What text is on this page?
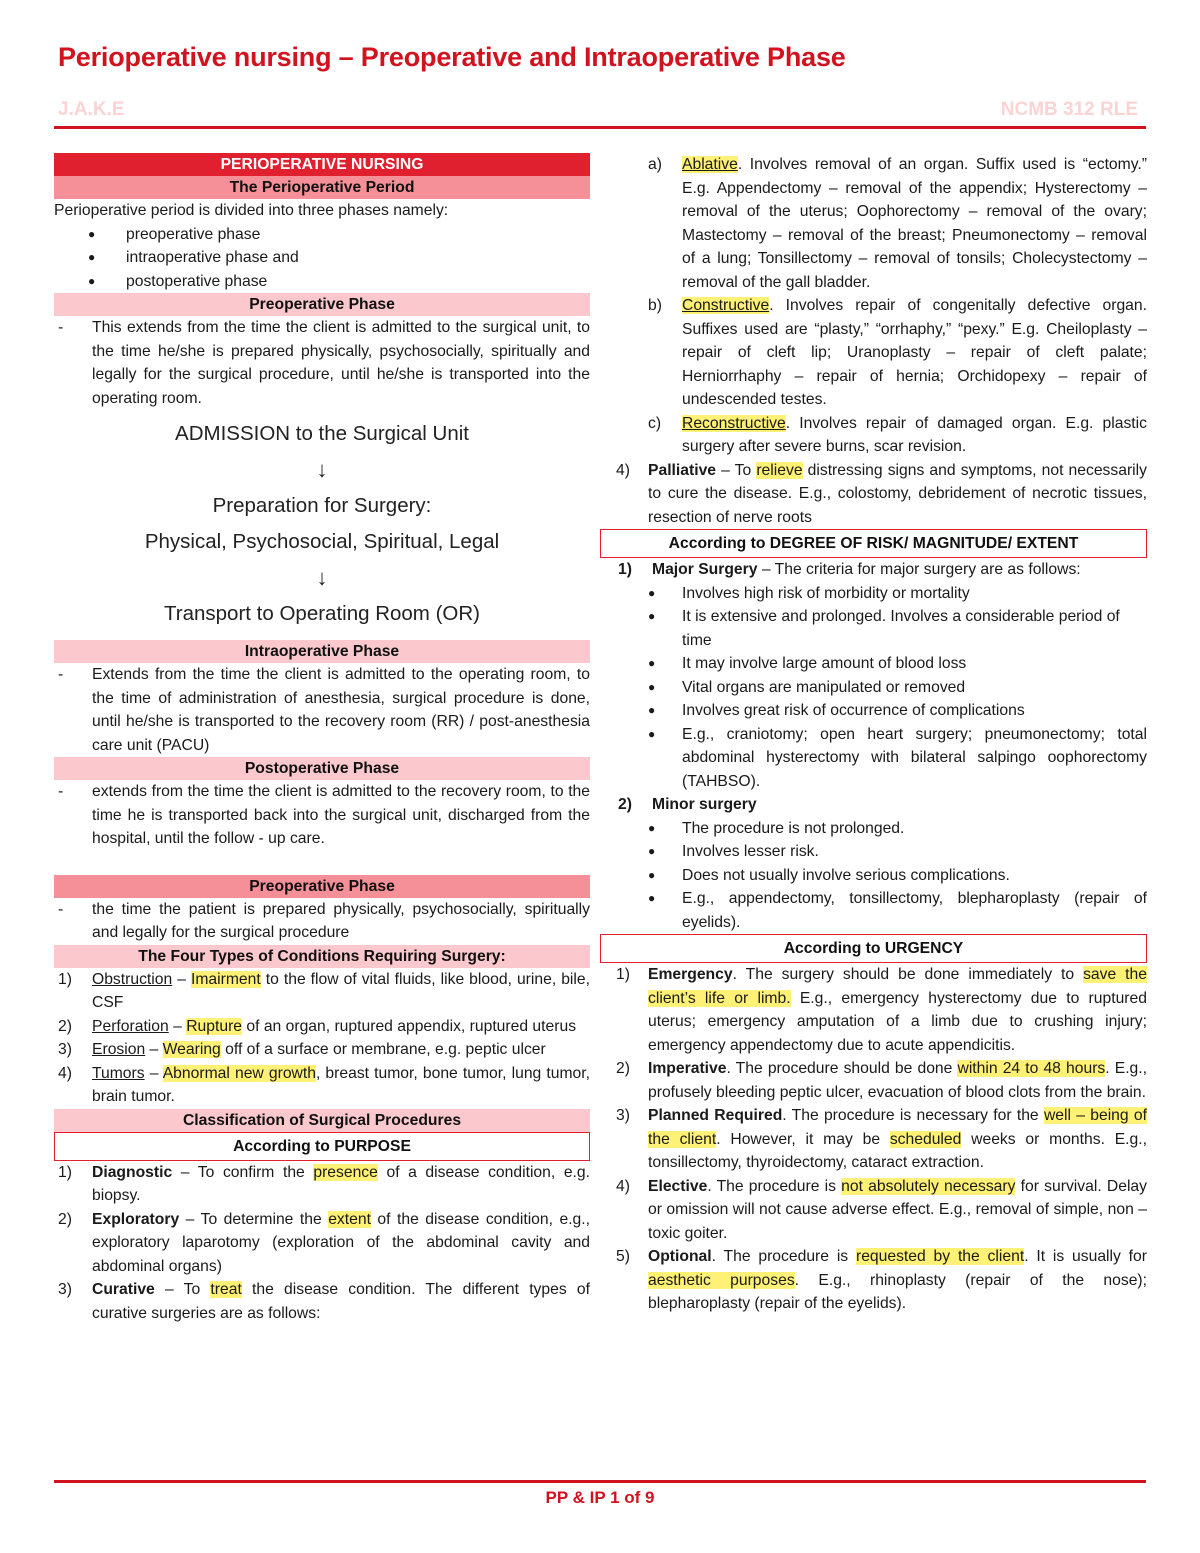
Perioperative nursing – Preoperative and Intraoperative Phase
J.A.K.E	NCMB 312 RLE
PERIOPERATIVE NURSING
The Perioperative Period

Perioperative period is divided into three phases namely:

● preoperative phase
● intraoperative phase and
● postoperative phase
Preoperative Phase
- This extends from the time the client is admitted to the surgical unit, to the time he/she is prepared physically, psychosocially, spiritually and legally for the surgical procedure, until he/she is transported into the operating room.
ADMISSION to the Surgical Unit
↓
Preparation for Surgery:
Physical, Psychosocial, Spiritual, Legal
↓
Transport to Operating Room (OR)
Intraoperative Phase
- Extends from the time the client is admitted to the operating room, to the time of administration of anesthesia, surgical procedure is done, until he/she is transported to the recovery room (RR) / post-anesthesia care unit (PACU)
Postoperative Phase
- extends from the time the client is admitted to the recovery room, to the time he is transported back into the surgical unit, discharged from the hospital, until the follow - up care.
Preoperative Phase
- the time the patient is prepared physically, psychosocially, spiritually and legally for the surgical procedure
The Four Types of Conditions Requiring Surgery:
1) Obstruction – Imairment to the flow of vital fluids, like blood, urine, bile, CSF
2) Perforation – Rupture of an organ, ruptured appendix, ruptured uterus
3) Erosion – Wearing off of a surface or membrane, e.g. peptic ulcer
4) Tumors – Abnormal new growth, breast tumor, bone tumor, lung tumor, brain tumor.
Classification of Surgical Procedures
According to PURPOSE
1) Diagnostic – To confirm the presence of a disease condition, e.g. biopsy.
2) Exploratory – To determine the extent of the disease condition, e.g., exploratory laparotomy (exploration of the abdominal cavity and abdominal organs)
3) Curative – To treat the disease condition. The different types of curative surgeries are as follows:
a) Ablative. Involves removal of an organ. Suffix used is “ectomy.” E.g. Appendectomy – removal of the appendix; Hysterectomy – removal of the uterus; Oophorectomy – removal of the ovary; Mastectomy – removal of the breast; Pneumonectomy – removal of a lung; Tonsillectomy – removal of tonsils; Cholecystectomy – removal of the gall bladder.
b) Constructive. Involves repair of congenitally defective organ. Suffixes used are “plasty,” “orrhaphy,” “pexy.” E.g. Cheiloplasty – repair of cleft lip; Uranoplasty – repair of cleft palate; Herniorrhaphy – repair of hernia; Orchidopexy – repair of undescended testes.
c) Reconstructive. Involves repair of damaged organ. E.g. plastic surgery after severe burns, scar revision.
4) Palliative – To relieve distressing signs and symptoms, not necessarily to cure the disease. E.g., colostomy, debridement of necrotic tissues, resection of nerve roots
According to DEGREE OF RISK/ MAGNITUDE/ EXTENT
1) Major Surgery – The criteria for major surgery are as follows:
● Involves high risk of morbidity or mortality
● It is extensive and prolonged. Involves a considerable period of time
● It may involve large amount of blood loss
● Vital organs are manipulated or removed
● Involves great risk of occurrence of complications
● E.g., craniotomy; open heart surgery; pneumonectomy; total abdominal hysterectomy with bilateral salpingo oophorectomy (TAHBSO).
2) Minor surgery
● The procedure is not prolonged.
● Involves lesser risk.
● Does not usually involve serious complications.
● E.g., appendectomy, tonsillectomy, blepharoplasty (repair of eyelids).
According to URGENCY
1) Emergency. The surgery should be done immediately to save the client’s life or limb. E.g., emergency hysterectomy due to ruptured uterus; emergency amputation of a limb due to crushing injury; emergency appendectomy due to acute appendicitis.
2) Imperative. The procedure should be done within 24 to 48 hours. E.g., profusely bleeding peptic ulcer, evacuation of blood clots from the brain.
3) Planned Required. The procedure is necessary for the well – being of the client. However, it may be scheduled weeks or months. E.g., tonsillectomy, thyroidectomy, cataract extraction.
4) Elective. The procedure is not absolutely necessary for survival. Delay or omission will not cause adverse effect. E.g., removal of simple, non – toxic goiter.
5) Optional. The procedure is requested by the client. It is usually for aesthetic purposes. E.g., rhinoplasty (repair of the nose); blepharoplasty (repair of the eyelids).
PP & IP 1 of 9
